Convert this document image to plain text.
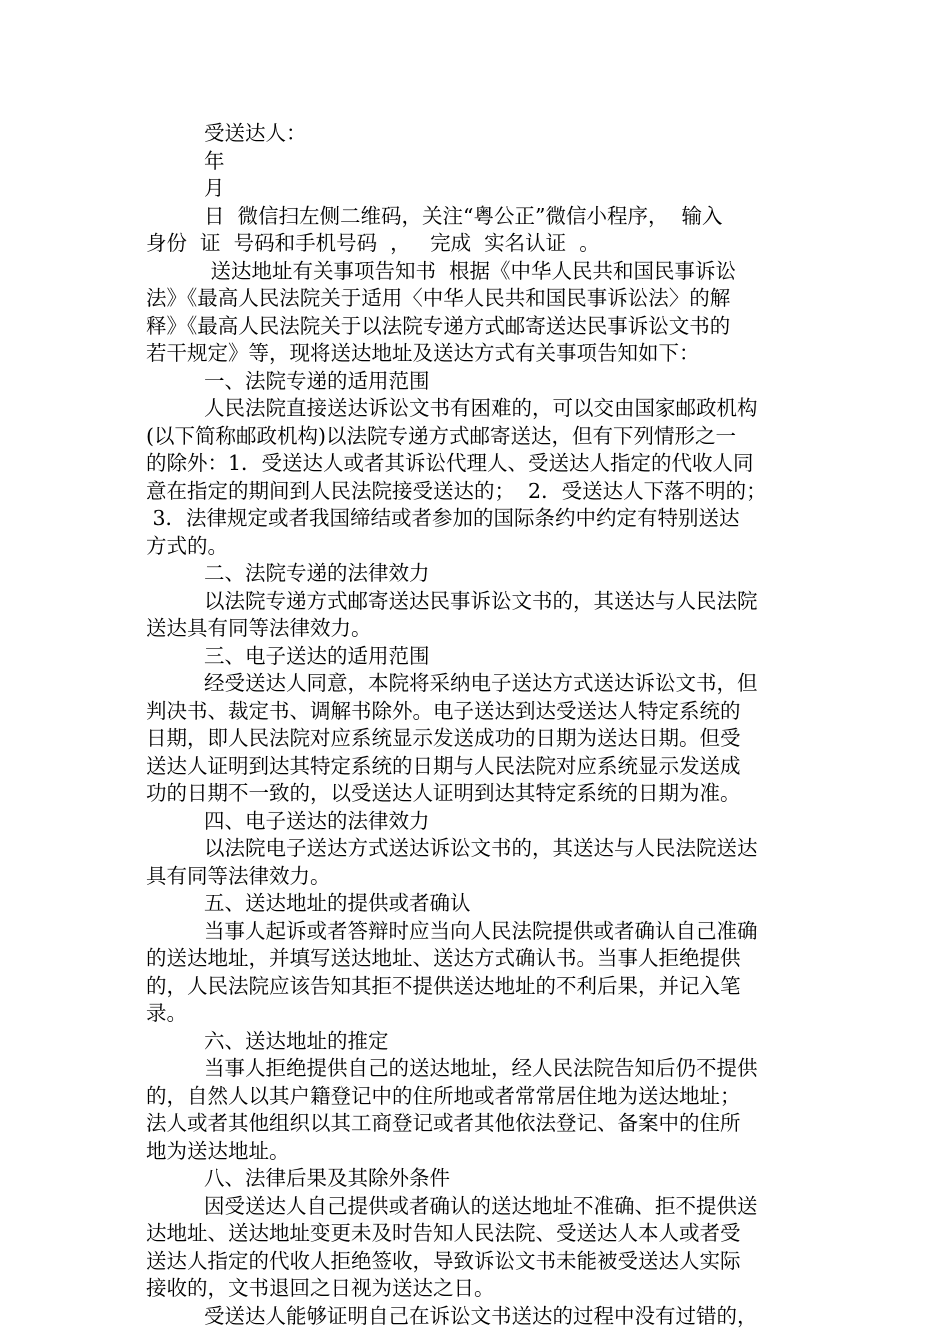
受送达人：
年
月
日  微信扫左侧二维码，关注“粤公正”微信小程序，  输入
身份  证  号码和手机号码  ，   完成  实名认证  。
送达地址有关事项告知书  根据《中华人民共和国民事诉讼
法》《最高人民法院关于适用〈中华人民共和国民事诉讼法〉的解
释》《最高人民法院关于以法院专递方式邮寄送达民事诉讼文书的
若干规定》等，现将送达地址及送达方式有关事项告知如下：
一、法院专递的适用范围
人民法院直接送达诉讼文书有困难的，可以交由国家邮政机构
(以下简称邮政机构)以法院专递方式邮寄送达，但有下列情形之一
的除外：1．受送达人或者其诉讼代理人、受送达人指定的代收人同
意在指定的期间到人民法院接受送达的；  2．受送达人下落不明的；
3．法律规定或者我国缔结或者参加的国际条约中约定有特别送达
方式的。
二、法院专递的法律效力
以法院专递方式邮寄送达民事诉讼文书的，其送达与人民法院
送达具有同等法律效力。
三、电子送达的适用范围
经受送达人同意，本院将采纳电子送达方式送达诉讼文书，但
判决书、裁定书、调解书除外。电子送达到达受送达人特定系统的
日期，即人民法院对应系统显示发送成功的日期为送达日期。但受
送达人证明到达其特定系统的日期与人民法院对应系统显示发送成
功的日期不一致的，以受送达人证明到达其特定系统的日期为准。
四、电子送达的法律效力
以法院电子送达方式送达诉讼文书的，其送达与人民法院送达
具有同等法律效力。
五、送达地址的提供或者确认
当事人起诉或者答辩时应当向人民法院提供或者确认自己准确
的送达地址，并填写送达地址、送达方式确认书。当事人拒绝提供
的，人民法院应该告知其拒不提供送达地址的不利后果，并记入笔
录。
六、送达地址的推定
当事人拒绝提供自己的送达地址，经人民法院告知后仍不提供
的，自然人以其户籍登记中的住所地或者常常居住地为送达地址；
法人或者其他组织以其工商登记或者其他依法登记、备案中的住所
地为送达地址。
八、法律后果及其除外条件
因受送达人自己提供或者确认的送达地址不准确、拒不提供送
达地址、送达地址变更未及时告知人民法院、受送达人本人或者受
送达人指定的代收人拒绝签收，导致诉讼文书未能被受送达人实际
接收的，文书退回之日视为送达之日。
受送达人能够证明自己在诉讼文书送达的过程中没有过错的，
